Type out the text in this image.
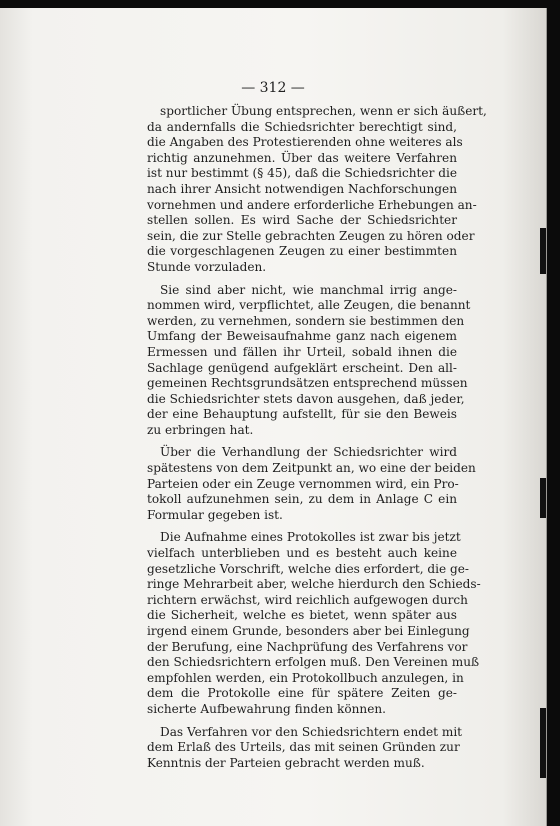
— 312 —
sportlicher Übung entsprechen, wenn er sich äußert,
da andernfalls die Schiedsrichter berechtigt sind,
die Angaben des Protestierenden ohne weiteres als
richtig anzunehmen. Über das weitere Verfahren
ist nur bestimmt (§ 45), daß die Schiedsrichter die
nach ihrer Ansicht notwendigen Nachforschungen
vornehmen und andere erforderliche Erhebungen an-
stellen sollen. Es wird Sache der Schiedsrichter
sein, die zur Stelle gebrachten Zeugen zu hören oder
die vorgeschlagenen Zeugen zu einer bestimmten
Stunde vorzuladen.
Sie sind aber nicht, wie manchmal irrig ange-
nommen wird, verpflichtet, alle Zeugen, die benannt
werden, zu vernehmen, sondern sie bestimmen den
Umfang der Beweisaufnahme ganz nach eigenem
Ermessen und fällen ihr Urteil, sobald ihnen die
Sachlage genügend aufgeklärt erscheint. Den all-
gemeinen Rechtsgrundsätzen entsprechend müssen
die Schiedsrichter stets davon ausgehen, daß jeder,
der eine Behauptung aufstellt, für sie den Beweis
zu erbringen hat.
Über die Verhandlung der Schiedsrichter wird
spätestens von dem Zeitpunkt an, wo eine der beiden
Parteien oder ein Zeuge vernommen wird, ein Pro-
tokoll aufzunehmen sein, zu dem in Anlage C ein
Formular gegeben ist.
Die Aufnahme eines Protokolles ist zwar bis jetzt
vielfach unterblieben und es besteht auch keine
gesetzliche Vorschrift, welche dies erfordert, die ge-
ringe Mehrarbeit aber, welche hierdurch den Schieds-
richtern erwächst, wird reichlich aufgewogen durch
die Sicherheit, welche es bietet, wenn später aus
irgend einem Grunde, besonders aber bei Einlegung
der Berufung, eine Nachprüfung des Verfahrens vor
den Schiedsrichtern erfolgen muß. Den Vereinen muß
empfohlen werden, ein Protokollbuch anzulegen, in
dem die Protokolle eine für spätere Zeiten ge-
sicherte Aufbewahrung finden können.
Das Verfahren vor den Schiedsrichtern endet mit
dem Erlaß des Urteils, das mit seinen Gründen zur
Kenntnis der Parteien gebracht werden muß.
